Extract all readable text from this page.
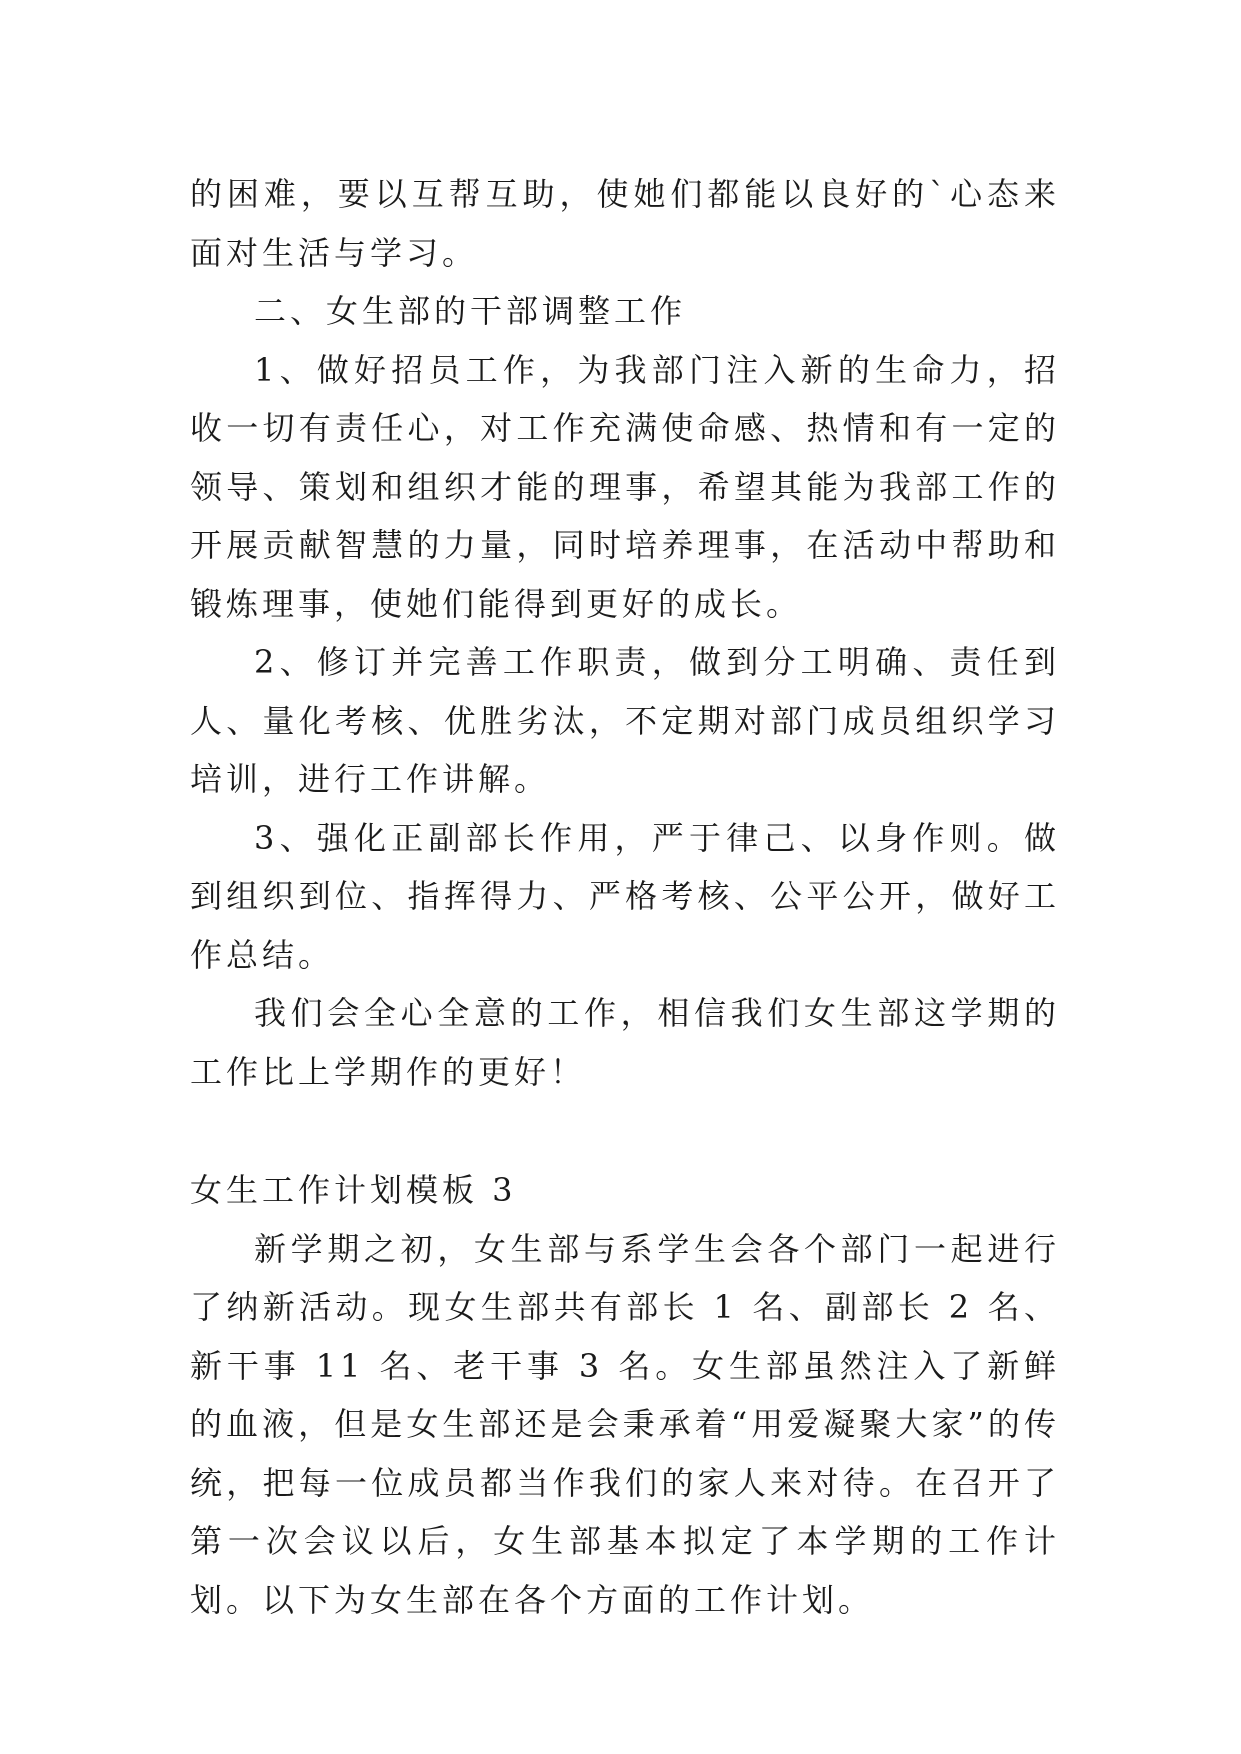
的困难，要以互帮互助，使她们都能以良好的`心态来面对生活与学习。

二、女生部的干部调整工作

1、做好招员工作，为我部门注入新的生命力，招收一切有责任心，对工作充满使命感、热情和有一定的领导、策划和组织才能的理事，希望其能为我部工作的开展贡献智慧的力量，同时培养理事，在活动中帮助和锻炼理事，使她们能得到更好的成长。

2、修订并完善工作职责，做到分工明确、责任到人、量化考核、优胜劣汰，不定期对部门成员组织学习培训，进行工作讲解。

3、强化正副部长作用，严于律己、以身作则。做到组织到位、指挥得力、严格考核、公平公开，做好工作总结。

我们会全心全意的工作，相信我们女生部这学期的工作比上学期作的更好！

女生工作计划模板 3

新学期之初，女生部与系学生会各个部门一起进行了纳新活动。现女生部共有部长 1 名、副部长 2 名、新干事 11 名、老干事 3 名。女生部虽然注入了新鲜的血液，但是女生部还是会秉承着“用爱凝聚大家”的传统，把每一位成员都当作我们的家人来对待。在召开了第一次会议以后，女生部基本拟定了本学期的工作计划。以下为女生部在各个方面的工作计划。
